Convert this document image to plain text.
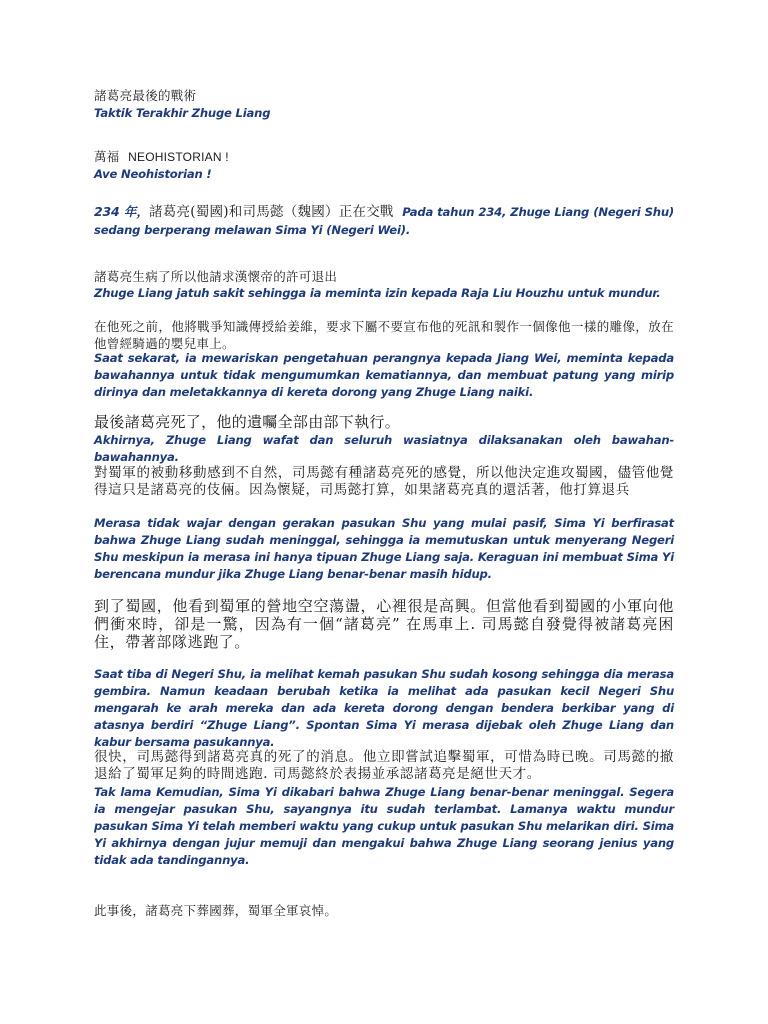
諸葛亮最後的戰術

Taktik Terakhir Zhuge Liang

萬福 NEOHISTORIAN !

Ave Neohistorian !

234 年，諸葛亮(蜀國)和司馬懿（魏國）正在交戰 Pada tahun 234, Zhuge Liang (Negeri Shu) sedang berperang melawan Sima Yi (Negeri Wei).

諸葛亮生病了所以他請求漢懷帝的許可退出

Zhuge Liang jatuh sakit sehingga ia meminta izin kepada Raja Liu Houzhu untuk mundur.

在他死之前，他將戰爭知識傳授給姜維，要求下屬不要宣布他的死訊和製作一個像他一樣的雕像，放在他曾經騎過的嬰兒車上。

Saat sekarat, ia mewariskan pengetahuan perangnya kepada Jiang Wei, meminta kepada bawahannya untuk tidak mengumumkan kematiannya, dan membuat patung yang mirip dirinya dan meletakkannya di kereta dorong yang Zhuge Liang naiki.

最後諸葛亮死了，他的遺囑全部由部下執行。

Akhirnya, Zhuge Liang wafat dan seluruh wasiatnya dilaksanakan oleh bawahan-bawahannya.

對蜀軍的被動移動感到不自然，司馬懿有種諸葛亮死的感覺，所以他決定進攻蜀國，儘管他覺得這只是諸葛亮的伎倆。因為懷疑，司馬懿打算，如果諸葛亮真的還活著，他打算退兵

Merasa tidak wajar dengan gerakan pasukan Shu yang mulai pasif, Sima Yi berfirasat bahwa Zhuge Liang sudah meninggal, sehingga ia memutuskan untuk menyerang Negeri Shu meskipun ia merasa ini hanya tipuan Zhuge Liang saja. Keraguan ini membuat Sima Yi berencana mundur jika Zhuge Liang benar-benar masih hidup.

到了蜀國，他看到蜀軍的營地空空蕩盪，心裡很是高興。但當他看到蜀國的小軍向他們衝來時，卻是一驚，因為有一個“諸葛亮” 在馬車上. 司馬懿自發覺得被諸葛亮困住，帶著部隊逃跑了。

Saat tiba di Negeri Shu, ia melihat kemah pasukan Shu sudah kosong sehingga dia merasa gembira. Namun keadaan berubah ketika ia melihat ada pasukan kecil Negeri Shu mengarah ke arah mereka dan ada kereta dorong dengan bendera berkibar yang di atasnya berdiri “Zhuge Liang”. Spontan Sima Yi merasa dijebak oleh Zhuge Liang dan kabur bersama pasukannya.

很快，司馬懿得到諸葛亮真的死了的消息。他立即嘗試追擊蜀軍，可惜為時已晚。司馬懿的撤退給了蜀軍足夠的時間逃跑. 司馬懿終於表揚並承認諸葛亮是絕世天才。

Tak lama Kemudian, Sima Yi dikabari bahwa Zhuge Liang benar-benar meninggal. Segera ia mengejar pasukan Shu, sayangnya itu sudah terlambat. Lamanya waktu mundur pasukan Sima Yi telah memberi waktu yang cukup untuk pasukan Shu melarikan diri. Sima Yi akhirnya dengan jujur memuji dan mengakui bahwa Zhuge Liang seorang jenius yang tidak ada tandingannya.

此事後，諸葛亮下葬國葬，蜀軍全軍哀悼。
